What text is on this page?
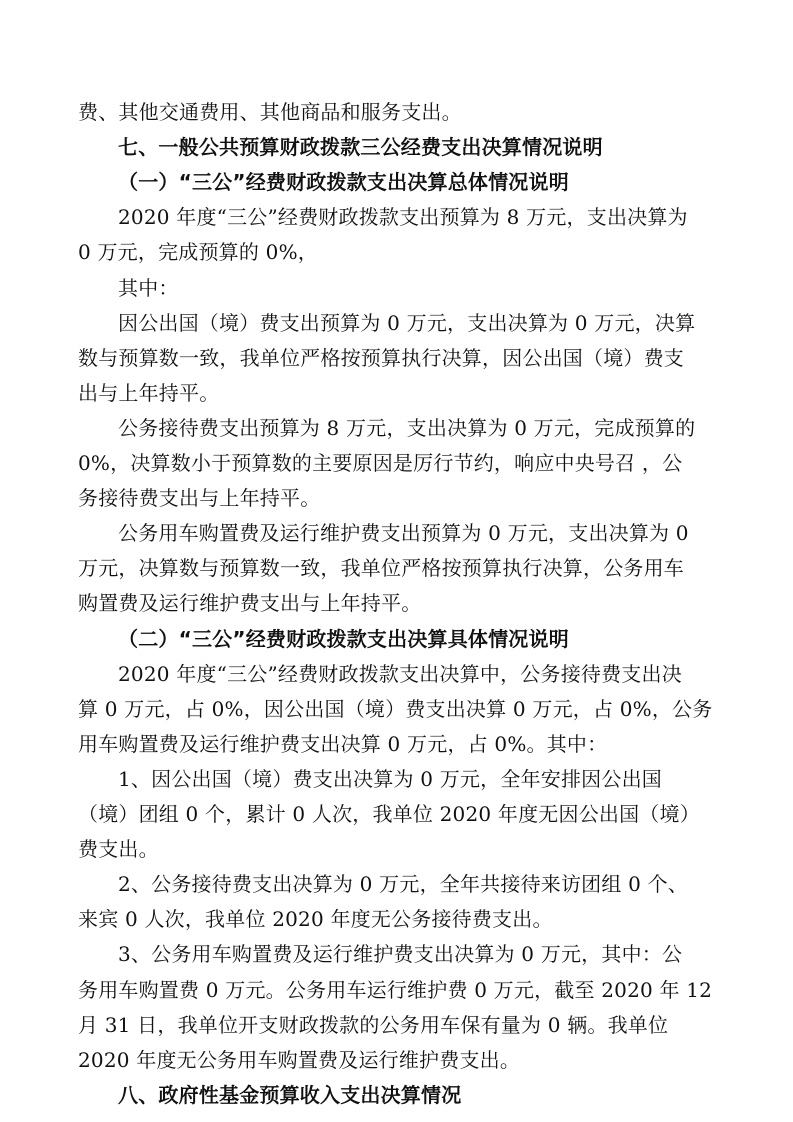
费、其他交通费用、其他商品和服务支出。
七、一般公共预算财政拨款三公经费支出决算情况说明
（一）“三公”经费财政拨款支出决算总体情况说明
2020 年度“三公”经费财政拨款支出预算为 8 万元，支出决算为
0 万元，完成预算的 0%，
其中：
因公出国（境）费支出预算为 0 万元，支出决算为 0 万元，决算
数与预算数一致，我单位严格按预算执行决算，因公出国（境）费支
出与上年持平。
公务接待费支出预算为 8 万元，支出决算为 0 万元，完成预算的
0%，决算数小于预算数的主要原因是厉行节约，响应中央号召 ，公
务接待费支出与上年持平。
公务用车购置费及运行维护费支出预算为 0 万元，支出决算为 0
万元，决算数与预算数一致，我单位严格按预算执行决算，公务用车
购置费及运行维护费支出与上年持平。
（二）“三公”经费财政拨款支出决算具体情况说明
2020 年度“三公”经费财政拨款支出决算中，公务接待费支出决
算 0 万元，占 0%，因公出国（境）费支出决算 0 万元，占 0%，公务
用车购置费及运行维护费支出决算 0 万元，占 0%。其中：
1、因公出国（境）费支出决算为 0 万元，全年安排因公出国
（境）团组 0 个，累计 0 人次，我单位 2020 年度无因公出国（境）
费支出。
2、公务接待费支出决算为 0 万元，全年共接待来访团组 0 个、
来宾 0 人次，我单位 2020 年度无公务接待费支出。
3、公务用车购置费及运行维护费支出决算为 0 万元，其中：公
务用车购置费 0 万元。公务用车运行维护费 0 万元，截至 2020 年 12
月 31 日，我单位开支财政拨款的公务用车保有量为 0 辆。我单位
2020 年度无公务用车购置费及运行维护费支出。
八、政府性基金预算收入支出决算情况
